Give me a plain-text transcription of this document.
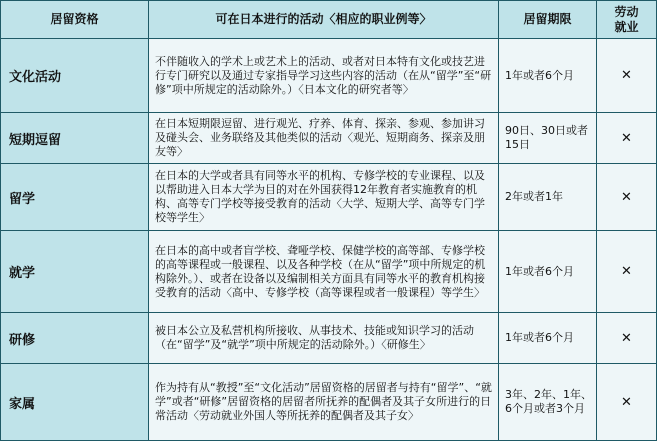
居留资格	可在日本进行的活动〈相应的职业例等〉	居留期限	劳动就业
文化活动	不伴随收入的学术上或艺术上的活动、或者对日本特有文化或技艺进行专门研究以及通过专家指导学习这些内容的活动（在从“留学”至“研修”项中所规定的活动除外。）〈日本文化的研究者等〉	1年或者6个月	✕
短期逗留	在日本短期限逗留、进行观光、疗养、体育、探亲、参观、参加讲习及碰头会、业务联络及其他类似的活动〈观光、短期商务、探亲及朋友等〉	90日、30日或者15日	✕
留学	在日本的大学或者具有同等水平的机构、专修学校的专业课程、以及以帮助进入日本大学为目的对在外国获得12年教育者实施教育的机构、高等专门学校等接受教育的活动〈大学、短期大学、高等专门学校等学生〉	2年或者1年	✕
就学	在日本的高中或者盲学校、聋哑学校、保健学校的高等部、专修学校的高等课程或一般课程、以及各种学校（在从“留学”项中所规定的机构除外。）、或者在设备以及编制相关方面具有同等水平的教育机构接受教育的活动〈高中、专修学校（高等课程或者一般课程）等学生〉	1年或者6个月	✕
研修	被日本公立及私营机构所接收、从事技术、技能或知识学习的活动（在“留学”及“就学”项中所规定的活动除外。）〈研修生〉	1年或者6个月	✕
家属	作为持有从“教授”至“文化活动”居留资格的居留者与持有“留学”、“就学”或者“研修”居留资格的居留者所抚养的配偶者及其子女所进行的日常活动〈劳动就业外国人等所抚养的配偶者及其子女〉	3年、2年、1年、6个月或者3个月	✕
